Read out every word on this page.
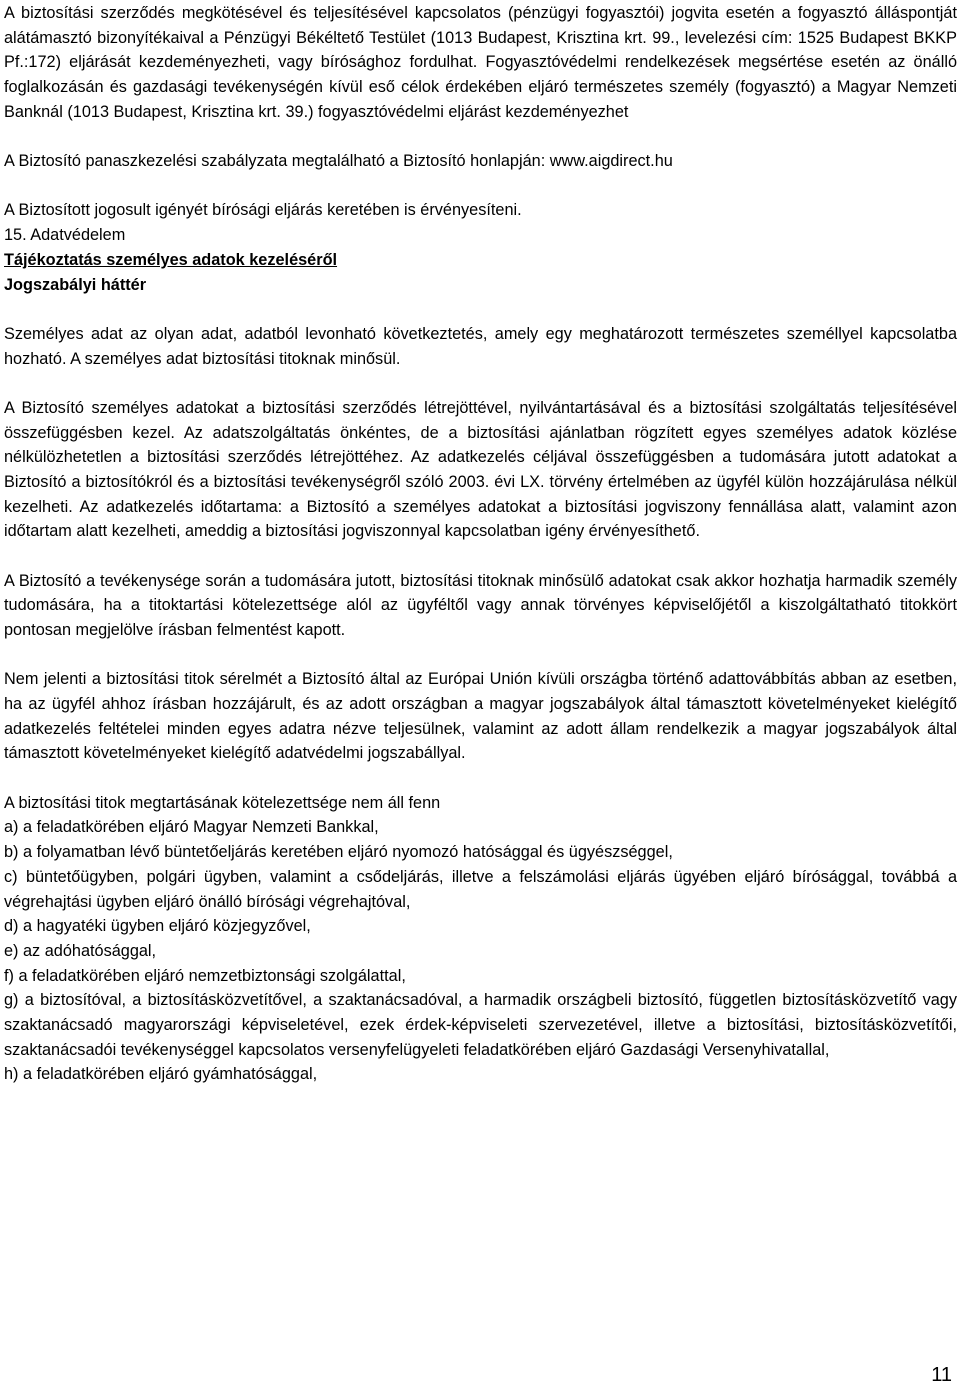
A biztosítási szerződés megkötésével és teljesítésével kapcsolatos (pénzügyi fogyasztói) jogvita esetén a fogyasztó álláspontját alátámasztó bizonyítékaival a Pénzügyi Békéltető Testület (1013 Budapest, Krisztina krt. 99., levelezési cím: 1525 Budapest BKKP Pf.:172) eljárását kezdeményezheti, vagy bírósághoz fordulhat. Fogyasztóvédelmi rendelkezések megsértése esetén az önálló foglalkozásán és gazdasági tevékenységén kívül eső célok érdekében eljáró természetes személy (fogyasztó) a Magyar Nemzeti Banknál (1013 Budapest, Krisztina krt. 39.) fogyasztóvédelmi eljárást kezdeményezhet

A Biztosító panaszkezelési szabályzata megtalálható a Biztosító honlapján: www.aigdirect.hu

A Biztosított jogosult igényét bírósági eljárás keretében is érvényesíteni.

15. Adatvédelem

Tájékoztatás személyes adatok kezeléséről

Jogszabályi háttér

Személyes adat az olyan adat, adatból levonható következtetés, amely egy meghatározott természetes személlyel kapcsolatba hozható. A személyes adat biztosítási titoknak minősül.

A Biztosító személyes adatokat a biztosítási szerződés létrejöttével, nyilvántartásával és a biztosítási szolgáltatás teljesítésével összefüggésben kezel. Az adatszolgáltatás önkéntes, de a biztosítási ajánlatban rögzített egyes személyes adatok közlése nélkülözhetetlen a biztosítási szerződés létrejöttéhez. Az adatkezelés céljával összefüggésben a tudomására jutott adatokat a Biztosító a biztosítókról és a biztosítási tevékenységről szóló 2003. évi LX. törvény értelmében az ügyfél külön hozzájárulása nélkül kezelheti. Az adatkezelés időtartama: a Biztosító a személyes adatokat a biztosítási jogviszony fennállása alatt, valamint azon időtartam alatt kezelheti, ameddig a biztosítási jogviszonnyal kapcsolatban igény érvényesíthető.

A Biztosító a tevékenysége során a tudomására jutott, biztosítási titoknak minősülő adatokat csak akkor hozhatja harmadik személy tudomására, ha a titoktartási kötelezettsége alól az ügyféltől vagy annak törvényes képviselőjétől a kiszolgáltatható titokkört pontosan megjelölve írásban felmentést kapott.

Nem jelenti a biztosítási titok sérelmét a Biztosító által az Európai Unión kívüli országba történő adattovábbítás abban az esetben, ha az ügyfél ahhoz írásban hozzájárult, és az adott országban a magyar jogszabályok által támasztott követelményeket kielégítő adatkezelés feltételei minden egyes adatra nézve teljesülnek, valamint az adott állam rendelkezik a magyar jogszabályok által támasztott követelményeket kielégítő adatvédelmi jogszabállyal.

A biztosítási titok megtartásának kötelezettsége nem áll fenn

a) a feladatkörében eljáró Magyar Nemzeti Bankkal,

b) a folyamatban lévő büntetőeljárás keretében eljáró nyomozó hatósággal és ügyészséggel,

c) büntetőügyben, polgári ügyben, valamint a csődeljárás, illetve a felszámolási eljárás ügyében eljáró bírósággal, továbbá a végrehajtási ügyben eljáró önálló bírósági végrehajtóval,

d) a hagyatéki ügyben eljáró közjegyzővel,

e) az adóhatósággal,

f) a feladatkörében eljáró nemzetbiztonsági szolgálattal,

g) a biztosítóval, a biztosításközvetítővel, a szaktanácsadóval, a harmadik országbeli biztosító, független biztosításközvetítő vagy szaktanácsadó magyarországi képviseletével, ezek érdek-képviseleti szervezetével, illetve a biztosítási, biztosításközvetítői, szaktanácsadói tevékenységgel kapcsolatos versenyfelügyeleti feladatkörében eljáró Gazdasági Versenyhivatallal,

h) a feladatkörében eljáró gyámhatósággal,

11
